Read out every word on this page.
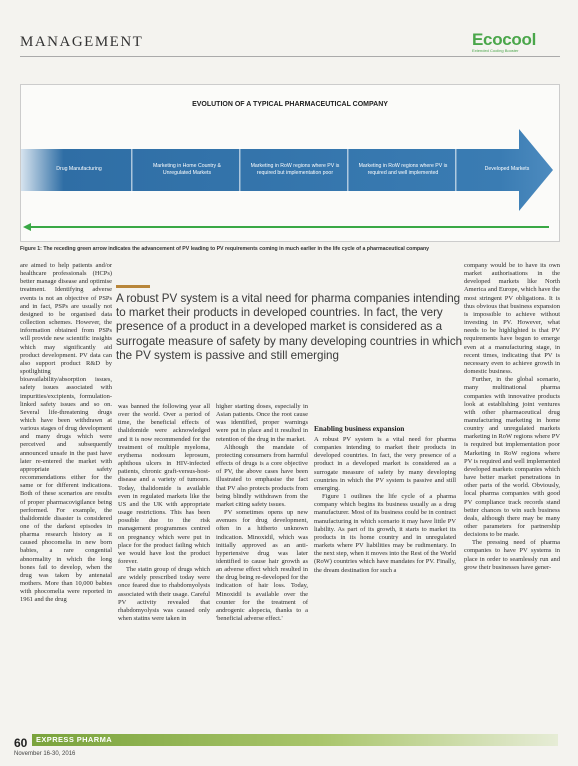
MANAGEMENT	Ecocool
Extended Cooling Booster
EVOLUTION OF A TYPICAL PHARMACEUTICAL COMPANY
Drug Manufacturing
Marketing in Home Country & Unregulated Markets
Marketing in RoW regions where PV is required but implementation poor
Marketing in RoW regions where PV is required and well implemented
Developed Markets
Figure 1: The receding green arrow indicates the advancement of PV leading to PV requirements coming in much earlier in the life cycle of a pharmaceutical company
A robust PV system is a vital need for pharma companies intending to market their products in developed countries. In fact, the very presence of a product in a developed market is considered as a surrogate measure of safety by many developing countries in which the PV system is passive and still emerging

are aimed to help patients and/or healthcare professionals (HCPs) better manage disease and optimise treatment. Identifying adverse events is not an objective of PSPs and in fact, PSPs are usually not designed to be organised data collection schemes. However, the information obtained from PSPs will provide new scientific insights which may significantly aid product development. PV data can also support product R&D by spotlighting bioavailability/absorption issues, safety issues associated with impurities/excipients, formulation-linked safety issues and so on. Several life-threatening drugs which have been withdrawn at various stages of drug development and many drugs which were perceived and subsequently announced unsafe in the past have later re-entered the market with appropriate safety recommendations either for the same or for different indications. Both of these scenarios are results of proper pharmacovigilance being performed. For example, the thalidomide disaster is considered one of the darkest episodes in pharma research history as it caused phocomelia in new born babies, a rare congenital abnormality in which the long bones fail to develop, when the drug was taken by antenatal mothers. More than 10,000 babies with phocomelia were reported in 1961 and the drug

was banned the following year all over the world. Over a period of time, the beneficial effects of thalidomide were acknowledged and it is now recommended for the treatment of multiple myeloma, erythema nodosum leprosum, aphthous ulcers in HIV-infected patients, chronic graft-versus-host-disease and a variety of tumours. Today, thalidomide is available even in regulated markets like the US and the UK with appropriate usage restrictions. This has been possible due to the risk management programmes centred on pregnancy which were put in place for the product failing which we would have lost the product forever.

The statin group of drugs which are widely prescribed today were once feared due to rhabdomyolysis associated with their usage. Careful PV activity revealed that rhabdomyolysis was caused only when statins were taken in

higher starting doses, especially in Asian patients. Once the root cause was identified, proper warnings were put in place and it resulted in retention of the drug in the market.

Although the mandate of protecting consumers from harmful effects of drugs is a core objective of PV, the above cases have been illustrated to emphasise the fact that PV also protects products from being blindly withdrawn from the market citing safety issues.

PV sometimes opens up new avenues for drug development, often in a hitherto unknown indication. Minoxidil, which was initially approved as an anti-hypertensive drug was later identified to cause hair growth as an adverse effect which resulted in the drug being re-developed for the indication of hair loss. Today, Minoxidil is available over the counter for the treatment of androgenic alopecia, thanks to a 'beneficial adverse effect.'

Enabling business expansion

A robust PV system is a vital need for pharma companies intending to market their products in developed countries. In fact, the very presence of a product in a developed market is considered as a surrogate measure of safety by many developing countries in which the PV system is passive and still emerging.

Figure 1 outlines the life cycle of a pharma company which begins its business usually as a drug manufacturer. Most of its business could be in contract manufacturing in which scenario it may have little PV liability. As part of its growth, it starts to market its products in its home country and in unregulated markets where PV liabilities may be rudimentary. In the next step, when it moves into the Rest of the World (RoW) countries which have mandates for PV. Finally, the dream destination for such a

company would be to have its own market authorisations in the developed markets like North America and Europe, which have the most stringent PV obligations. It is thus obvious that business expansion is impossible to achieve without investing in PV. However, what needs to be highlighted is that PV requirements have begun to emerge even at a manufacturing stage, in recent times, indicating that PV is necessary even to achieve growth in domestic business.

Further, in the global scenario, many multinational pharma companies with innovative products look at establishing joint ventures with other pharmaceutical drug manufacturing marketing in home country and unregulated markets marketing in RoW regions where PV is required but implementation poor Marketing in RoW regions where PV is required and well implemented developed markets companies which have better market penetrations in other parts of the world. Obviously, local pharma companies with good PV compliance track records stand better chances to win such business deals, although there may be many other parameters for partnership decisions to be made.

The pressing need of pharma companies to have PV systems in place in order to seamlessly run and grow their businesses have gener-

60 EXPRESS PHARMA
November 16-30, 2016
